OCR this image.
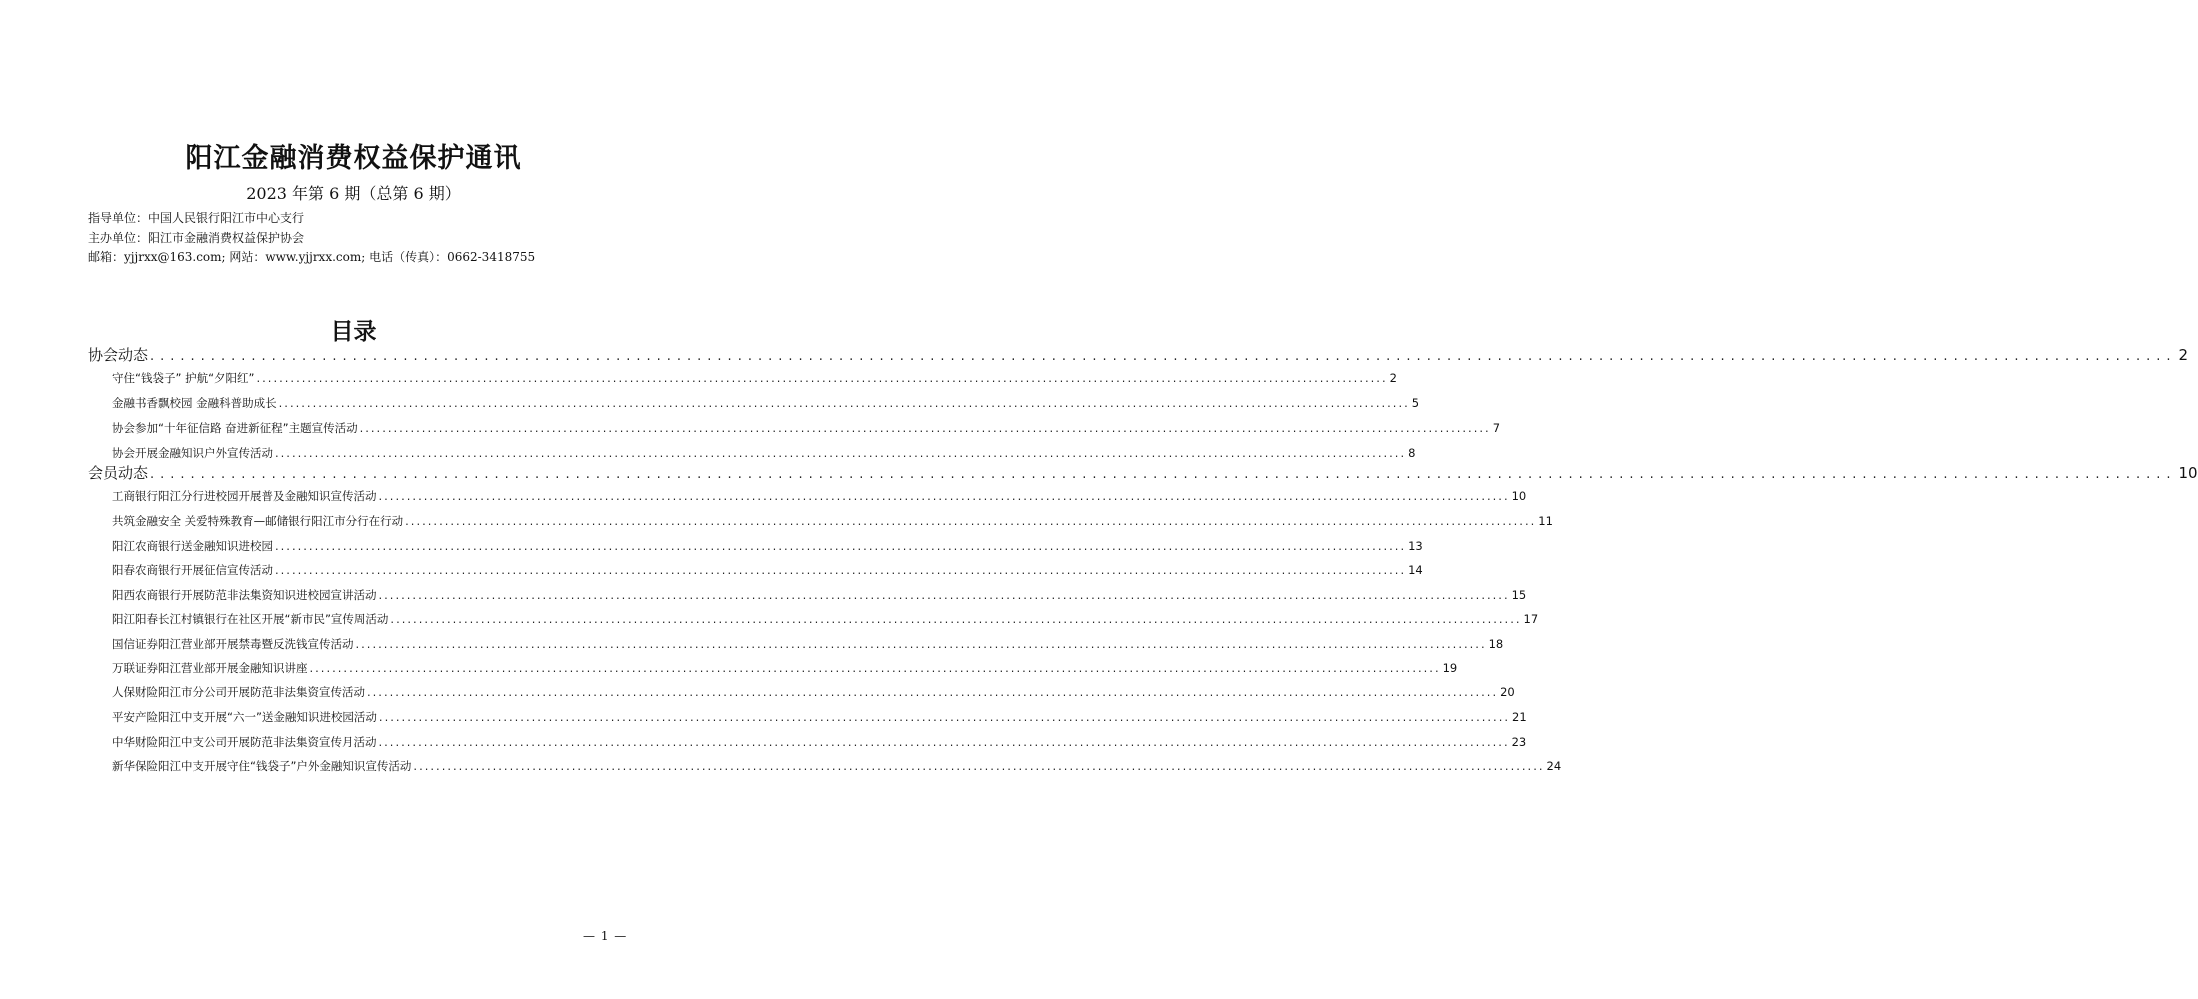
阳江金融消费权益保护通讯
2023 年第 6 期（总第 6 期）
指导单位：中国人民银行阳江市中心支行
主办单位：阳江市金融消费权益保护协会
邮箱：yjjrxx@163.com; 网站：www.yjjrxx.com; 电话（传真）：0662-3418755
目录
协会动态 ........................................................................................................................................................................................................ 2
守住“钱袋子” 护航“夕阳红” ........................................................................................................................................................................................................ 2
金融书香飘校园 金融科普助成长 ........................................................................................................................................................................................................ 5
协会参加“十年征信路 奋进新征程”主题宣传活动 ........................................................................................................................................................................................................ 7
协会开展金融知识户外宣传活动 ........................................................................................................................................................................................................ 8
会员动态 ........................................................................................................................................................................................................ 10
工商银行阳江分行进校园开展普及金融知识宣传活动 ........................................................................................................................................................................................................ 10
共筑金融安全 关爱特殊教育—邮储银行阳江市分行在行动 ........................................................................................................................................................................................................ 11
阳江农商银行送金融知识进校园 ........................................................................................................................................................................................................ 13
阳春农商银行开展征信宣传活动 ........................................................................................................................................................................................................ 14
阳西农商银行开展防范非法集资知识进校园宣讲活动 ........................................................................................................................................................................................................ 15
阳江阳春长江村镇银行在社区开展“新市民”宣传周活动 ........................................................................................................................................................................................................ 17
国信证券阳江营业部开展禁毒暨反洗钱宣传活动 ........................................................................................................................................................................................................ 18
万联证券阳江营业部开展金融知识讲座 ........................................................................................................................................................................................................ 19
人保财险阳江市分公司开展防范非法集资宣传活动 ........................................................................................................................................................................................................ 20
平安产险阳江中支开展“六一”送金融知识进校园活动 ........................................................................................................................................................................................................ 21
中华财险阳江中支公司开展防范非法集资宣传月活动 ........................................................................................................................................................................................................ 23
新华保险阳江中支开展守住“钱袋子”户外金融知识宣传活动 ........................................................................................................................................................................................................ 24
— 1 —
